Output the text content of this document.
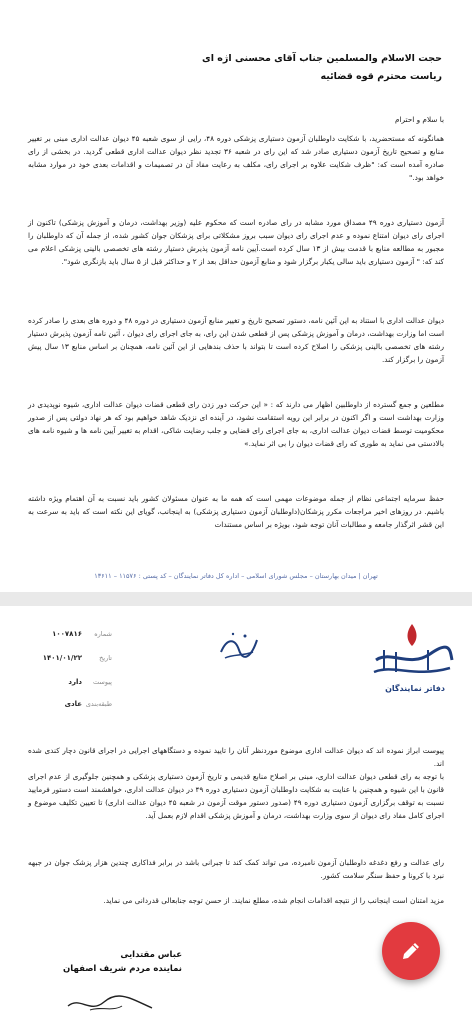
حجت الاسلام والمسلمین جناب آقای محسنی اژه ای
ریاست محترم قوه قضائیه
با سلام و احترام
همانگونه که مستحضرید، با شکایت داوطلبان آزمون دستیاری پزشکی دوره ۴۸، رایی از سوی شعبه ۴۵ دیوان عدالت اداری مبنی بر تغییر منابع و تصحیح تاریخ آزمون دستیاری صادر شد که این رای در شعبه ۳۶ تجدید نظر دیوان عدالت اداری قطعی گردید. در بخشی از رای صادره آمده است که: "ظرف شکایت علاوه بر اجرای رای، مکلف به رعایت مفاد آن در تصمیمات و اقدامات بعدی خود در موارد مشابه خواهد بود."
آزمون دستیاری دوره ۴۹ مصداق مورد مشابه در رای صادره است که محکوم علیه (وزیر بهداشت، درمان و آموزش پزشکی) تاکنون از اجرای رای دیوان امتناع نموده و عدم اجرای رای دیوان سبب بروز مشکلاتی برای پزشکان جوان کشور شده، از جمله آن که داوطلبان را مجبور به مطالعه منابع با قدمت بیش از ۱۳ سال کرده است.آیین نامه آزمون پذیرش دستیار رشته های تخصصی بالینی پزشکی اعلام می کند که: " آزمون دستیاری باید سالی یکبار برگزار شود و منابع آزمون حداقل بعد از ۲ و حداکثر قبل از ۵ سال باید بازنگری شود".
دیوان عدالت اداری با استناد به این آئین نامه، دستور تصحیح تاریخ و تغییر منابع آزمون دستیاری در دوره ۴۸ و دوره های بعدی را صادر کرده است اما وزارت بهداشت، درمان و آموزش پزشکی پس از قطعی شدن این رای، به جای اجرای رای دیوان ، آئین نامه آزمون پذیرش دستیار رشته های تخصصی بالینی پزشکی را اصلاح کرده است تا بتواند با حذف بندهایی از این آئین نامه، همچنان بر اساس منابع ۱۳ سال پیش آزمون را برگزار کند.
مطلعین و جمع گسترده از داوطلبین اظهار می دارند که : « این حرکت دور زدن رای قطعی قضات دیوان عدالت اداری، شیوه نوپدیدی در وزارت بهداشت است و اگر اکنون در برابر این رویه استقامت نشود، در آینده ای نزدیک شاهد خواهیم بود که هر نهاد دولتی پس از صدور محکومیت توسط قضات دیوان عدالت اداری، به جای اجرای رای قضایی و جلب رضایت شاکی، اقدام به تغییر آیین نامه ها و شیوه نامه های بالادستی می نماید به طوری که رای قضات دیوان را بی اثر نماید.»
حفظ سرمایه اجتماعی نظام از جمله موضوعات مهمی است که همه ما به عنوان مسئولان کشور باید نسبت به آن اهتمام ویژه داشته باشیم. در روزهای اخیر مراجعات مکرر پزشکان(داوطلبان آزمون دستیاری پزشکی) به اینجانب، گویای این نکته است که باید به سرعت به این قشر اثرگذار جامعه و مطالبات آنان توجه شود، بویژه بر اساس مستندات
تهران | میدان بهارستان – مجلس شورای اسلامی – اداره کل دفاتر نمایندگان – کد پستی : ۱۱۵۷۶ – ۱۳۶۱۱
شماره
۱۰۰۷۸۱۶
تاریخ
۱۴۰۱/۰۱/۲۲
پیوست
دارد
طبقه‌بندی
عادی
دفاتر نمایندگان
پیوست ابراز نموده اند که دیوان عدالت اداری موضوع موردنظر آنان را تایید نموده و دستگاههای اجرایی در اجرای قانون دچار کندی شده اند.
با توجه به رای قطعی دیوان عدالت اداری، مبنی بر اصلاح منابع قدیمی و تاریخ آزمون دستیاری پزشکی و همچنین جلوگیری از عدم اجرای قانون با این شیوه و همچنین با عنایت به شکایت داوطلبان آزمون دستیاری دوره ۴۹ در دیوان عدالت اداری، خواهشمند است دستور فرمایید نسبت به توقف برگزاری آزمون دستیاری دوره ۴۹ (صدور دستور موقت آزمون در شعبه ۴۵ دیوان عدالت اداری) تا تعیین تکلیف موضوع و اجرای کامل مفاد رای دیوان از سوی وزارت بهداشت، درمان و آموزش پزشکی اقدام لازم بعمل آید.
رای عدالت و رفع دغدغه داوطلبان آزمون نامبرده، می تواند کمک کند تا جبرانی باشد در برابر فداکاری چندین هزار پزشک جوان در جبهه نبرد با کرونا و حفظ سنگر سلامت کشور.
مزید امتنان است اینجانب را از نتیجه اقدامات انجام شده، مطلع نمایند. از حسن توجه جنابعالی قدردانی می نماید.
عباس مقتدایی
نماینده مردم شریف اصفهان
